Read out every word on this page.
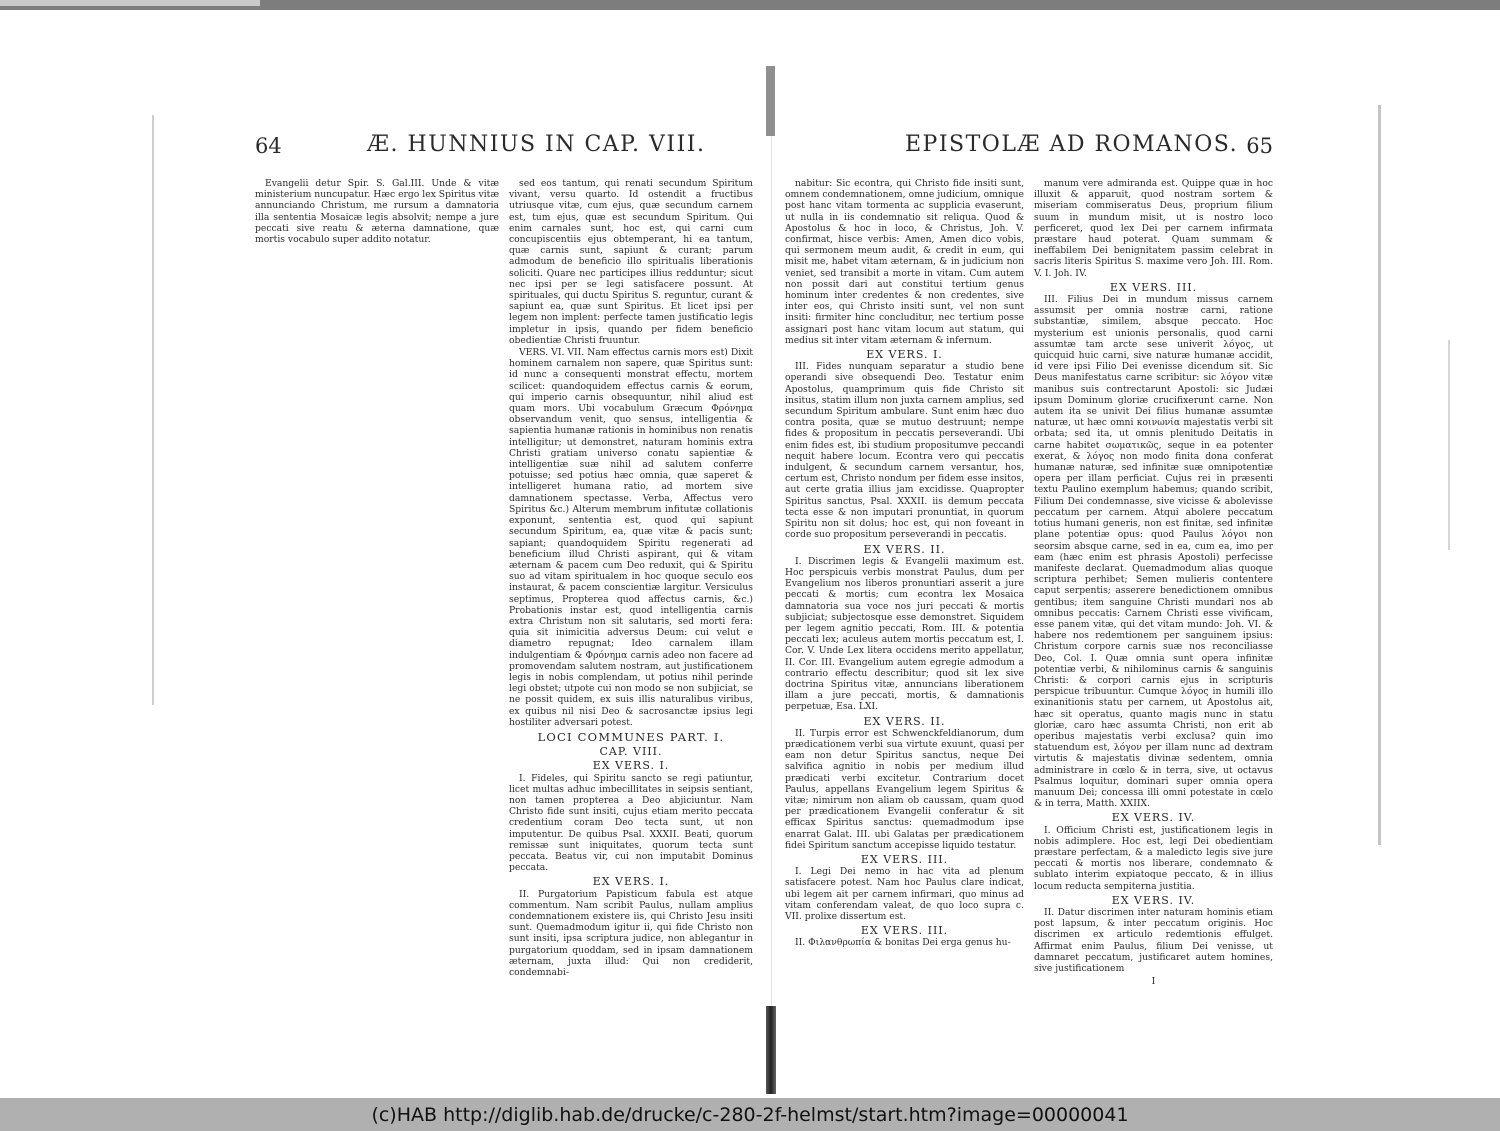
64	Æ. HUNNIUS IN CAP. VIII.

Evangelii detur Spir. S. Gal.III. Unde & vitæ ministerium nuncupatur. Hæc ergo lex Spiritus vitæ annunciando Christum, me rursum a damnatoria illa sententia Mosaicæ legis absolvit; nempe a jure peccati sive reatu & æterna damnatione, quæ mortis vocabulo super addito notatur.

sed eos tantum, qui renati secundum Spiritum vivant, versu quarto. Id ostendit a fructibus utriusque vitæ, cum ejus, quæ secundum carnem est, tum ejus, quæ est secundum Spiritum. Qui enim carnales sunt, hoc est, qui carni cum concupiscentiis ejus obtemperant, hi ea tantum, quæ carnis sunt, sapiunt & curant; parum admodum de beneficio illo spiritualis liberationis soliciti. Quare nec participes illius redduntur; sicut nec ipsi per se legi satisfacere possunt. At spirituales, qui ductu Spiritus S. reguntur, curant & sapiunt ea, quæ sunt Spiritus. Et licet ipsi per legem non implent: perfecte tamen justificatio legis impletur in ipsis, quando per fidem beneficio obedientiæ Christi fruuntur.

VERS. VI. VII. Nam effectus carnis mors est) Dixit hominem carnalem non sapere, quæ Spiritus sunt: id nunc a consequenti monstrat effectu, mortem scilicet: quandoquidem effectus carnis & eorum, qui imperio carnis obsequuntur, nihil aliud est quam mors. Ubi vocabulum Græcum Φρόνημα observandum venit, quo sensus, intelligentia & sapientia humanæ rationis in hominibus non renatis intelligitur; ut demonstret, naturam hominis extra Christi gratiam universo conatu sapientiæ & intelligentiæ suæ nihil ad salutem conferre potuisse; sed potius hæc omnia, quæ saperet & intelligeret humana ratio, ad mortem sive damnationem spectasse. Verba, Affectus vero Spiritus &c.) Alterum membrum infitutæ collationis exponunt, sententia est, quod qui sapiunt secundum Spiritum, ea, quæ vitæ & pacis sunt; sapiant; quandoquidem Spiritu regenerati ad beneficium illud Christi aspirant, qui & vitam æternam & pacem cum Deo reduxit, qui & Spiritu suo ad vitam spiritualem in hoc quoque seculo eos instaurat, & pacem conscientiæ largitur. Versiculus septimus, Propterea quod affectus carnis, &c.) Probationis instar est, quod intelligentia carnis extra Christum non sit salutaris, sed morti fera: quia sit inimicitia adversus Deum: cui velut e diametro repugnat; Ideo carnalem illam indulgentiam & Φρόνημα carnis adeo non facere ad promovendam salutem nostram, aut justificationem legis in nobis complendam, ut potius nihil perinde legi obstet; utpote cui non modo se non subjiciat, se ne possit quidem, ex suis illis naturalibus viribus, ex quibus nil nisi Deo & sacrosanctæ ipsius legi hostiliter adversari potest.

LOCI COMMUNES PART. I.
CAP. VIII.
EX VERS. I.

I. Fideles, qui Spiritu sancto se regi patiuntur, licet multas adhuc imbecillitates in seipsis sentiant, non tamen propterea a Deo abjiciuntur. Nam Christo fide sunt insiti, cujus etiam merito peccata credentium coram Deo tecta sunt, ut non imputentur. De quibus Psal. XXXII. Beati, quorum remissæ sunt iniquitates, quorum tecta sunt peccata. Beatus vir, cui non imputabit Dominus peccata.

EX VERS. I.

II. Purgatorium Papisticum fabula est atque commentum. Nam scribit Paulus, nullam amplius condemnationem existere iis, qui Christo Jesu insiti sunt. Quemadmodum igitur ii, qui fide Christo non sunt insiti, ipsa scriptura judice, non ablegantur in purgatorium quoddam, sed in ipsam damnationem æternam, juxta illud: Qui non crediderit, condemnabi-

EPISTOLÆ AD ROMANOS. 65

nabitur: Sic econtra, qui Christo fide insiti sunt, omnem condemnationem, omne judicium, omnique post hanc vitam tormenta ac supplicia evaserunt, ut nulla in iis condemnatio sit reliqua. Quod & Apostolus & hoc in loco, & Christus, Joh. V. confirmat, hisce verbis: Amen, Amen dico vobis, qui sermonem meum audit, & credit in eum, qui misit me, habet vitam æternam, & in judicium non veniet, sed transibit a morte in vitam. Cum autem non possit dari aut constitui tertium genus hominum inter credentes & non credentes, sive inter eos, qui Christo insiti sunt, vel non sunt insiti: firmiter hinc concluditur, nec tertium posse assignari post hanc vitam locum aut statum, qui medius sit inter vitam æternam & infernum.

EX VERS. I.

III. Fides nunquam separatur a studio bene operandi sive obsequendi Deo. Testatur enim Apostolus, quamprimum quis fide Christo sit insitus, statim illum non juxta carnem amplius, sed secundum Spiritum ambulare. Sunt enim hæc duo contra posita, quæ se mutuo destruunt; nempe fides & propositum in peccatis perseverandi. Ubi enim fides est, ibi studium propositumve peccandi nequit habere locum. Econtra vero qui peccatis indulgent, & secundum carnem versantur, hos, certum est, Christo nondum per fidem esse insitos, aut certe gratia illius jam excidisse. Quapropter Spiritus sanctus, Psal. XXXII. iis demum peccata tecta esse & non imputari pronuntiat, in quorum Spiritu non sit dolus; hoc est, qui non foveant in corde suo propositum perseverandi in peccatis.

EX VERS. II.

I. Discrimen legis & Evangelii maximum est. Hoc perspicuis verbis monstrat Paulus, dum per Evangelium nos liberos pronuntiari asserit a jure peccati & mortis; cum econtra lex Mosaica damnatoria sua voce nos juri peccati & mortis subjiciat; subjectosque esse demonstret. Siquidem per legem agnitio peccati, Rom. III. & potentia peccati lex; aculeus autem mortis peccatum est, I. Cor. V. Unde Lex litera occidens merito appellatur, II. Cor. III. Evangelium autem egregie admodum a contrario effectu describitur; quod sit lex sive doctrina Spiritus vitæ, annuncians liberationem illam a jure peccati, mortis, & damnationis perpetuæ, Esa. LXI.

EX VERS. II.

II. Turpis error est Schwenckfeldianorum, dum prædicationem verbi sua virtute exuunt, quasi per eam non detur Spiritus sanctus, neque Dei salvifica agnitio in nobis per medium illud prædicati verbi excitetur. Contrarium docet Paulus, appellans Evangelium legem Spiritus & vitæ; nimirum non aliam ob caussam, quam quod per prædicationem Evangelii conferatur & sit efficax Spiritus sanctus: quemadmodum ipse enarrat Galat. III. ubi Galatas per prædicationem fidei Spiritum sanctum accepisse liquido testatur.

EX VERS. III.

I. Legi Dei nemo in hac vita ad plenum satisfacere potest. Nam hoc Paulus clare indicat, ubi legem ait per carnem infirmari, quo minus ad vitam conferendam valeat, de quo loco supra c. VII. prolixe dissertum est.

EX VERS. III.

II. Φιλανθρωπία & bonitas Dei erga genus hu-

manum vere admiranda est. Quippe quæ in hoc illuxit & apparuit, quod nostram sortem & miseriam commiseratus Deus, proprium filium suum in mundum misit, ut is nostro loco perficeret, quod lex Dei per carnem infirmata præstare haud poterat. Quam summam & ineffabilem Dei benignitatem passim celebrat in sacris literis Spiritus S. maxime vero Joh. III. Rom. V. I. Joh. IV.

EX VERS. III.

III. Filius Dei in mundum missus carnem assumsit per omnia nostræ carni, ratione substantiæ, similem, absque peccato. Hoc mysterium est unionis personalis, quod carni assumtæ tam arcte sese univerit λόγος, ut quicquid huic carni, sive naturæ humanæ accidit, id vere ipsi Filio Dei evenisse dicendum sit. Sic Deus manifestatus carne scribitur: sic λόγον vitæ manibus suis contrectarunt Apostoli: sic Judæi ipsum Dominum gloriæ crucifixerunt carne. Non autem ita se univit Dei filius humanæ assumtæ naturæ, ut hæc omni κοινωνία majestatis verbi sit orbata; sed ita, ut omnis plenitudo Deitatis in carne habitet σωματικῶς, seque in ea potenter exerat, & λόγος non modo finita dona conferat humanæ naturæ, sed infinitæ suæ omnipotentiæ opera per illam perficiat. Cujus rei in præsenti textu Paulino exemplum habemus; quando scribit, Filium Dei condemnasse, sive vicisse & abolevisse peccatum per carnem. Atqui abolere peccatum totius humani generis, non est finitæ, sed infinitæ plane potentiæ opus: quod Paulus λόγοι non seorsim absque carne, sed in ea, cum ea, imo per eam (hæc enim est phrasis Apostoli) perfecisse manifeste declarat. Quemadmodum alias quoque scriptura perhibet; Semen mulieris contentere caput serpentis; asserere benedictionem omnibus gentibus; item sanguine Christi mundari nos ab omnibus peccatis: Carnem Christi esse vivificam, esse panem vitæ, qui det vitam mundo: Joh. VI. & habere nos redemtionem per sanguinem ipsius: Christum corpore carnis suæ nos reconciliasse Deo, Col. I. Quæ omnia sunt opera infinitæ potentiæ verbi, & nihilominus carnis & sanguinis Christi: & corpori carnis ejus in scripturis perspicue tribuuntur. Cumque λόγος in humili illo exinanitionis statu per carnem, ut Apostolus ait, hæc sit operatus, quanto magis nunc in statu gloriæ, caro hæc assumta Christi, non erit ab operibus majestatis verbi exclusa? quin imo statuendum est, λόγον per illam nunc ad dextram virtutis & majestatis divinæ sedentem, omnia administrare in cœlo & in terra, sive, ut octavus Psalmus loquitur, dominari super omnia opera manuum Dei; concessa illi omni potestate in cœlo & in terra, Matth. XXIIX.

EX VERS. IV.

I. Officium Christi est, justificationem legis in nobis adimplere. Hoc est, legi Dei obedientiam præstare perfectam, & a maledicto legis sive jure peccati & mortis nos liberare, condemnato & sublato interim expiatoque peccato, & in illius locum reducta sempiterna justitia.

EX VERS. IV.

II. Datur discrimen inter naturam hominis etiam post lapsum, & inter peccatum originis. Hoc discrimen ex articulo redemtionis effulget. Affirmat enim Paulus, filium Dei venisse, ut damnaret peccatum, justificaret autem homines, sive justificationem

I
(c)HAB http://diglib.hab.de/drucke/c-280-2f-helmst/start.htm?image=00000041
